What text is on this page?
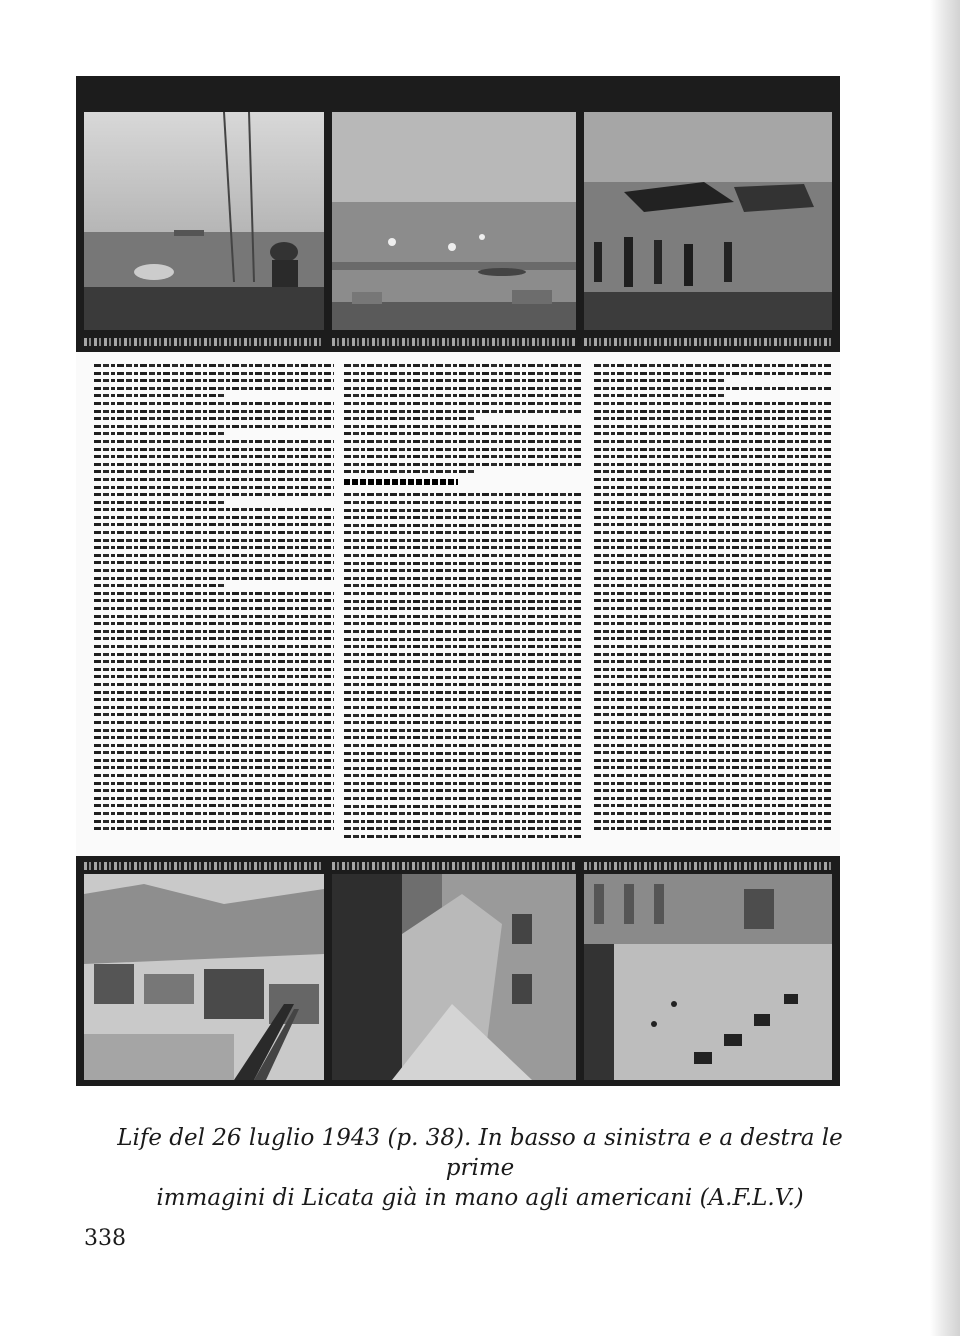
Life del 26 luglio 1943 (p. 38). In basso a sinistra e a destra le prime

immagini di Licata già in mano agli americani (A.F.L.V.)

338
